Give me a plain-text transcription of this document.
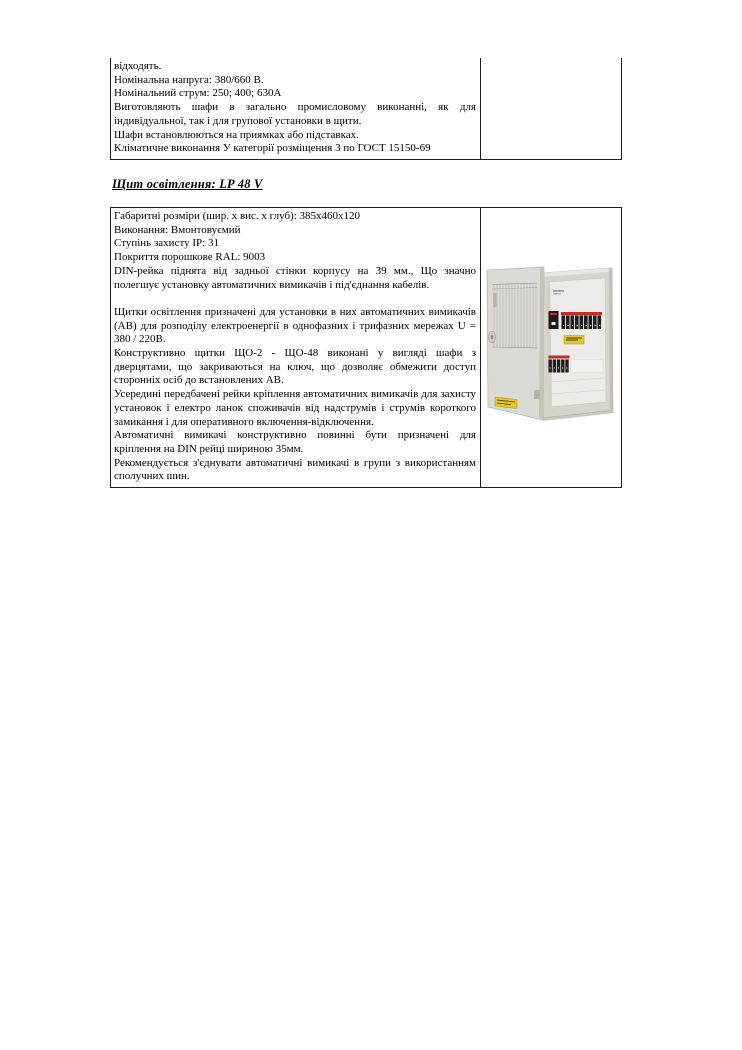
відходять.

Номінальна напруга: 380/660 В.

Номінальний струм: 250; 400; 630А

Виготовляють шафи в загально промисловому виконанні, як для індивідуальної, так і для групової установки в щити.

Шафи встановлюються на приямках або підставках.

Кліматичне виконання У категорії розміщення 3 по ГОСТ 15150-69

Щит освітлення: LP 48 V

Габаритні розміри (шир. х вис. х глуб): 385х460х120

Виконання: Вмонтовуємий

Ступінь захисту IP: 31

Покриття порошкове RAL: 9003

DIN-рейка піднята від задньої стінки корпусу на 39 мм., Що значно полегшує установку автоматичних вимикачів і під'єднання кабелів.

Щитки освітлення призначені для установки в них автоматичних вимикачів (АВ) для розподілу електроенергії в однофазних і трифазних мережах U = 380 / 220В.

Конструктивно щитки ЩО-2 - ЩО-48 виконані у вигляді шафи з дверцятами, що закриваються на ключ, що дозволяє обмежити доступ сторонніх осіб до встановлених АВ.

Усередині передбачені рейки кріплення автоматичних вимикачів для захисту установок і електро ланок споживачів від надструмів і струмів короткого замикання і для оперативного включення-відключення.

Автоматичні вимикачі конструктивно повинні бути призначені для кріплення на DIN рейці шириною 35мм.

Рекомендується з'єднувати автоматичні вимикачі в групи з використанням сполучних шин.
